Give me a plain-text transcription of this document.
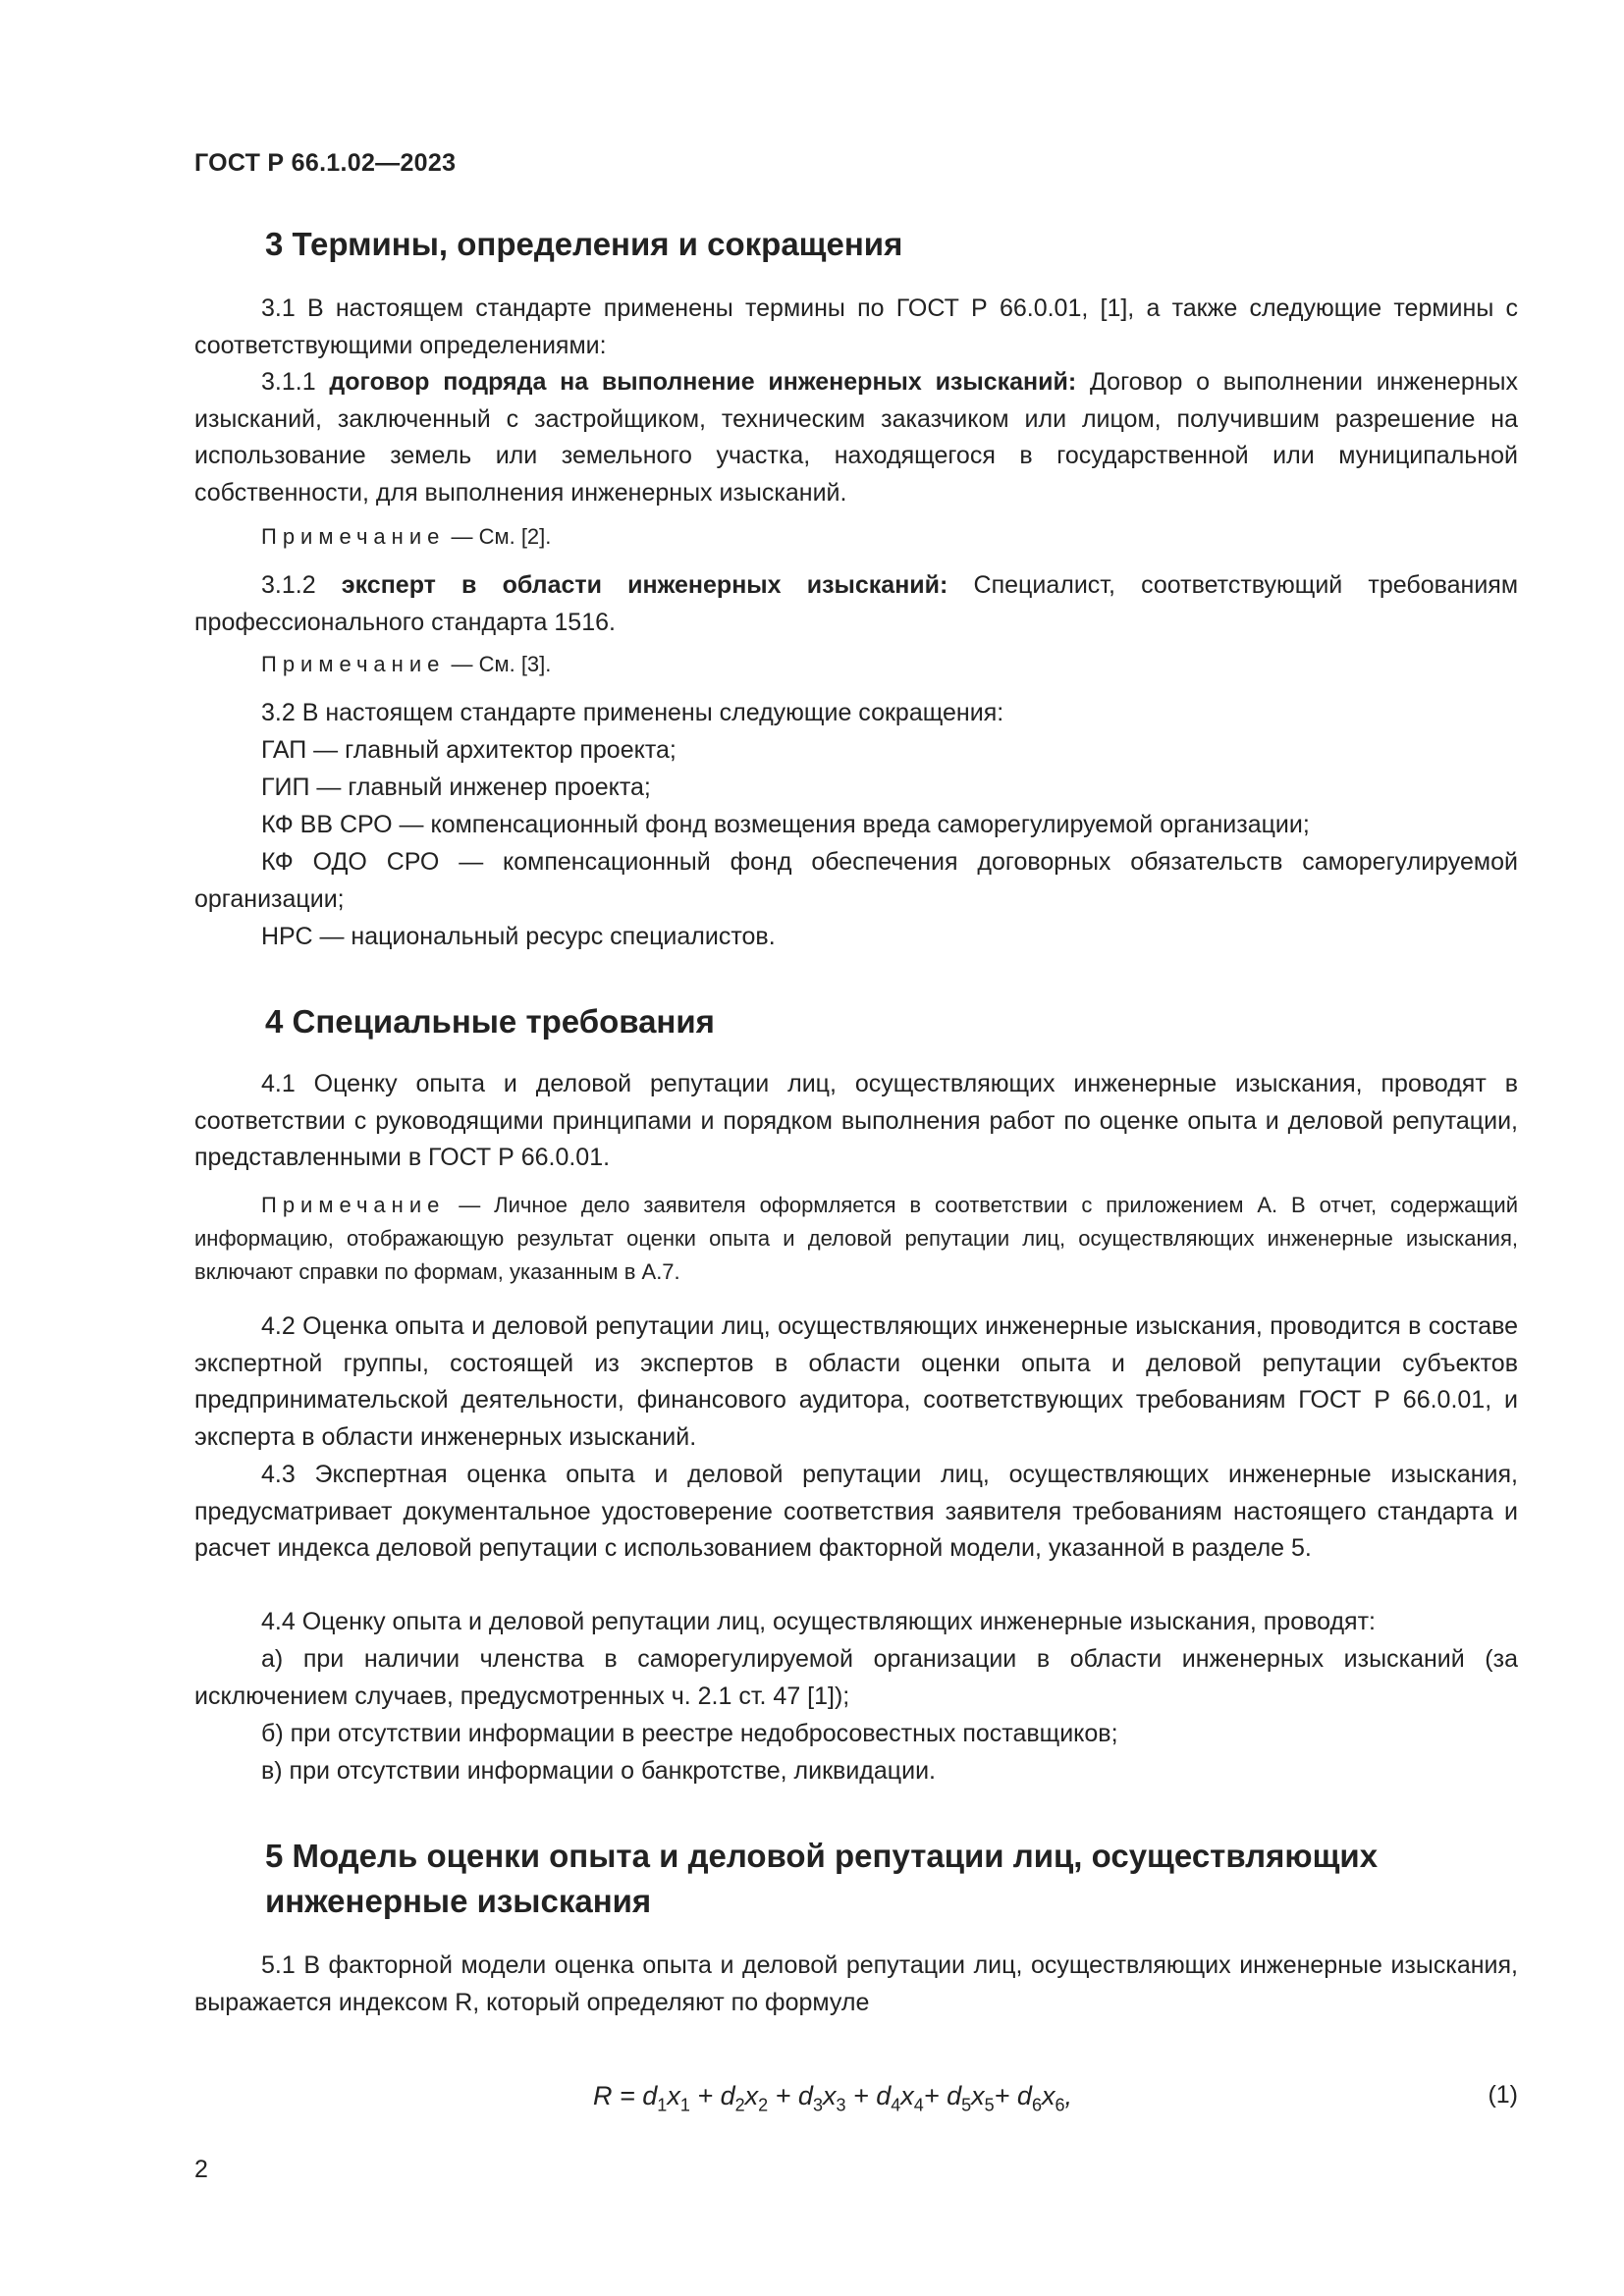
ГОСТ Р 66.1.02—2023
3 Термины, определения и сокращения

3.1 В настоящем стандарте применены термины по ГОСТ Р 66.0.01, [1], а также следующие термины с соответствующими определениями:

3.1.1 договор подряда на выполнение инженерных изысканий: Договор о выполнении инженерных изысканий, заключенный с застройщиком, техническим заказчиком или лицом, получившим разрешение на использование земель или земельного участка, находящегося в государственной или муниципальной собственности, для выполнения инженерных изысканий.

Примечание — См. [2].

3.1.2 эксперт в области инженерных изысканий: Специалист, соответствующий требованиям профессионального стандарта 1516.

Примечание — См. [3].

3.2 В настоящем стандарте применены следующие сокращения:

ГАП — главный архитектор проекта;

ГИП — главный инженер проекта;

КФ ВВ СРО — компенсационный фонд возмещения вреда саморегулируемой организации;

КФ ОДО СРО — компенсационный фонд обеспечения договорных обязательств саморегулируемой организации;

НРС — национальный ресурс специалистов.

4 Специальные требования

4.1 Оценку опыта и деловой репутации лиц, осуществляющих инженерные изыскания, проводят в соответствии с руководящими принципами и порядком выполнения работ по оценке опыта и деловой репутации, представленными в ГОСТ Р 66.0.01.

Примечание — Личное дело заявителя оформляется в соответствии с приложением А. В отчет, содержащий информацию, отображающую результат оценки опыта и деловой репутации лиц, осуществляющих инженерные изыскания, включают справки по формам, указанным в А.7.

4.2 Оценка опыта и деловой репутации лиц, осуществляющих инженерные изыскания, проводится в составе экспертной группы, состоящей из экспертов в области оценки опыта и деловой репутации субъектов предпринимательской деятельности, финансового аудитора, соответствующих требованиям ГОСТ Р 66.0.01, и эксперта в области инженерных изысканий.

4.3 Экспертная оценка опыта и деловой репутации лиц, осуществляющих инженерные изыскания, предусматривает документальное удостоверение соответствия заявителя требованиям настоящего стандарта и расчет индекса деловой репутации с использованием факторной модели, указанной в разделе 5.

4.4 Оценку опыта и деловой репутации лиц, осуществляющих инженерные изыскания, проводят:

а) при наличии членства в саморегулируемой организации в области инженерных изысканий (за исключением случаев, предусмотренных ч. 2.1 ст. 47 [1]);

б) при отсутствии информации в реестре недобросовестных поставщиков;

в) при отсутствии информации о банкротстве, ликвидации.

5 Модель оценки опыта и деловой репутации лиц, осуществляющих
инженерные изыскания

5.1 В факторной модели оценка опыта и деловой репутации лиц, осуществляющих инженерные изыскания, выражается индексом R, который определяют по формуле

$R = d_1x_1 + d_2x_2 + d_3x_3 + d_4x_4+ d_5x_5+ d_6x_6$,	(1)
2
